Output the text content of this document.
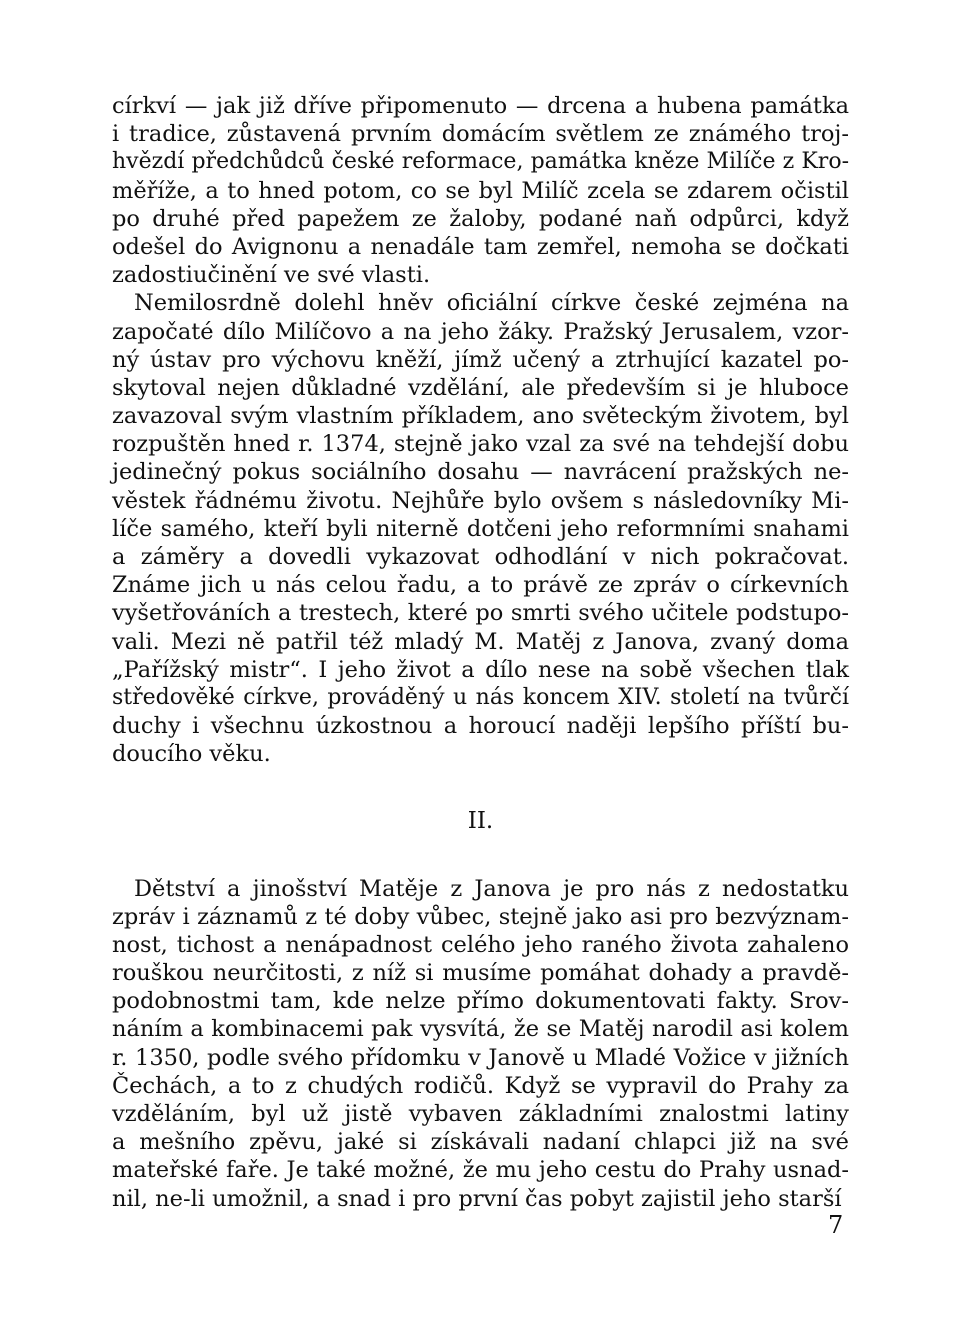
církví — jak již dříve připomenuto — drcena a hubena památka
i tradice, zůstavená prvním domácím světlem ze známého troj-
hvězdí předchůdců české reformace, památka kněze Milíče z Kro-
měříže, a to hned potom, co se byl Milíč zcela se zdarem očistil
po druhé před papežem ze žaloby, podané naň odpůrci, když
odešel do Avignonu a nenadále tam zemřel, nemoha se dočkati
zadostiučinění ve své vlasti.
Nemilosrdně dolehl hněv oficiální církve české zejména na
započaté dílo Milíčovo a na jeho žáky. Pražský Jerusalem, vzor-
ný ústav pro výchovu kněží, jímž učený a ztrhující kazatel po-
skytoval nejen důkladné vzdělání, ale především si je hluboce
zavazoval svým vlastním příkladem, ano světeckým životem, byl
rozpuštěn hned r. 1374, stejně jako vzal za své na tehdejší dobu
jedinečný pokus sociálního dosahu — navrácení pražských ne-
věstek řádnému životu. Nejhůře bylo ovšem s následovníky Mi-
líče samého, kteří byli niterně dotčeni jeho reformními snahami
a záměry a dovedli vykazovat odhodlání v nich pokračovat.
Známe jich u nás celou řadu, a to právě ze zpráv o církevních
vyšetřováních a trestech, které po smrti svého učitele podstupo-
vali. Mezi ně patřil též mladý M. Matěj z Janova, zvaný doma
„Pařížský mistr“. I jeho život a dílo nese na sobě všechen tlak
středověké církve, prováděný u nás koncem XIV. století na tvůrčí
duchy i všechnu úzkostnou a horoucí naději lepšího příští bu-
doucího věku.
II.
Dětství a jinošství Matěje z Janova je pro nás z nedostatku
zpráv i záznamů z té doby vůbec, stejně jako asi pro bezvýznam-
nost, tichost a nenápadnost celého jeho raného života zahaleno
rouškou neurčitosti, z níž si musíme pomáhat dohady a pravdě-
podobnostmi tam, kde nelze přímo dokumentovati fakty. Srov-
náním a kombinacemi pak vysvítá, že se Matěj narodil asi kolem
r. 1350, podle svého přídomku v Janově u Mladé Vožice v jižních
Čechách, a to z chudých rodičů. Když se vypravil do Prahy za
vzděláním, byl už jistě vybaven základními znalostmi latiny
a mešního zpěvu, jaké si získávali nadaní chlapci již na své
mateřské faře. Je také možné, že mu jeho cestu do Prahy usnad-
nil, ne-li umožnil, a snad i pro první čas pobyt zajistil jeho starší
7
